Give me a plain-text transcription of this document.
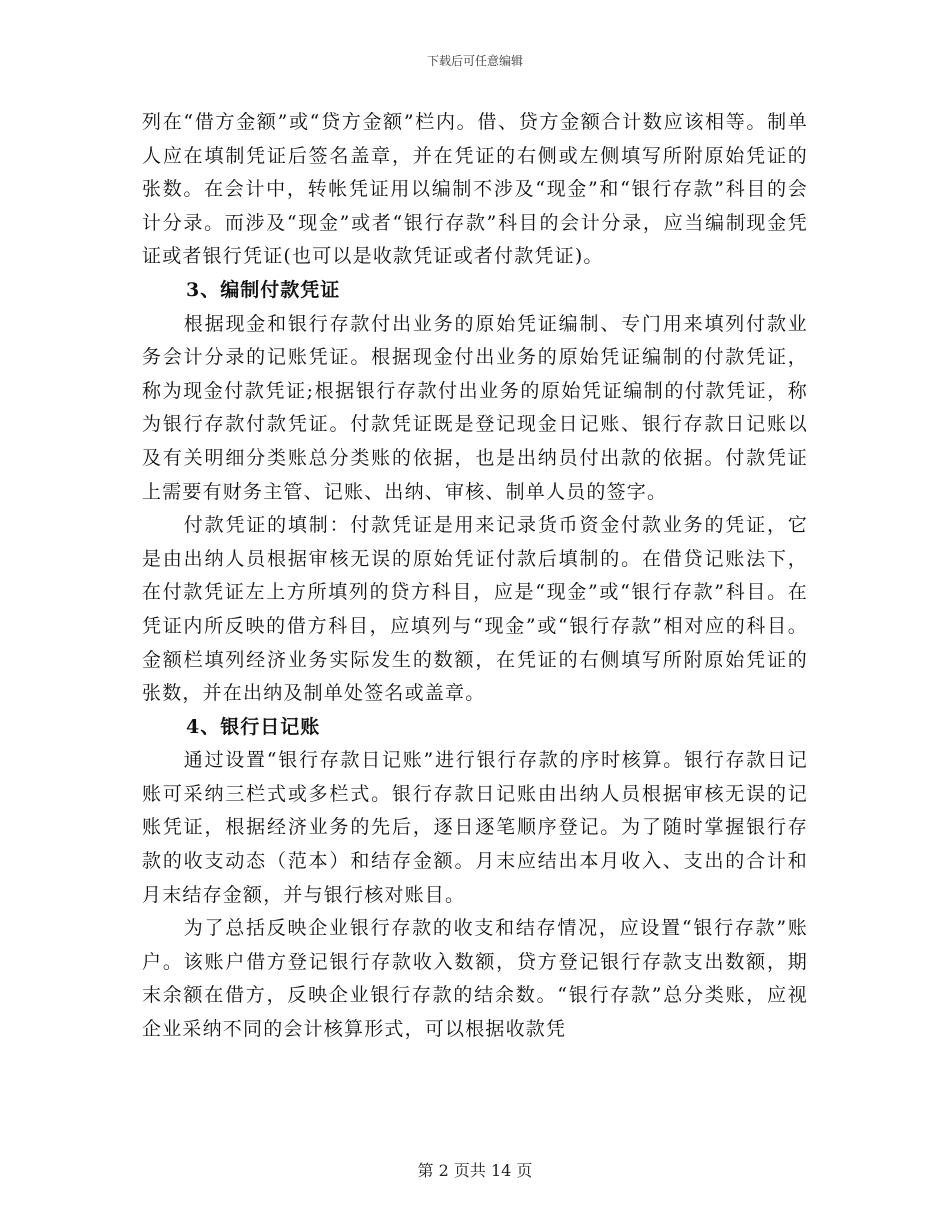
下载后可任意编辑

列在“借方金额”或“贷方金额”栏内。借、贷方金额合计数应该相等。制单人应在填制凭证后签名盖章，并在凭证的右侧或左侧填写所附原始凭证的张数。在会计中，转帐凭证用以编制不涉及“现金”和“银行存款”科目的会计分录。而涉及“现金”或者“银行存款”科目的会计分录，应当编制现金凭证或者银行凭证(也可以是收款凭证或者付款凭证)。

3、编制付款凭证

根据现金和银行存款付出业务的原始凭证编制、专门用来填列付款业务会计分录的记账凭证。根据现金付出业务的原始凭证编制的付款凭证，称为现金付款凭证;根据银行存款付出业务的原始凭证编制的付款凭证，称为银行存款付款凭证。付款凭证既是登记现金日记账、银行存款日记账以及有关明细分类账总分类账的依据，也是出纳员付出款的依据。付款凭证上需要有财务主管、记账、出纳、审核、制单人员的签字。

付款凭证的填制：付款凭证是用来记录货币资金付款业务的凭证，它是由出纳人员根据审核无误的原始凭证付款后填制的。在借贷记账法下，在付款凭证左上方所填列的贷方科目，应是“现金”或“银行存款”科目。在凭证内所反映的借方科目，应填列与“现金”或“银行存款”相对应的科目。金额栏填列经济业务实际发生的数额，在凭证的右侧填写所附原始凭证的张数，并在出纳及制单处签名或盖章。

4、银行日记账

通过设置“银行存款日记账”进行银行存款的序时核算。银行存款日记账可采纳三栏式或多栏式。银行存款日记账由出纳人员根据审核无误的记账凭证，根据经济业务的先后，逐日逐笔顺序登记。为了随时掌握银行存款的收支动态（范本）和结存金额。月末应结出本月收入、支出的合计和月末结存金额，并与银行核对账目。

为了总括反映企业银行存款的收支和结存情况，应设置“银行存款”账户。该账户借方登记银行存款收入数额，贷方登记银行存款支出数额，期末余额在借方，反映企业银行存款的结余数。“银行存款”总分类账，应视企业采纳不同的会计核算形式，可以根据收款凭

第 2 页共 14 页
